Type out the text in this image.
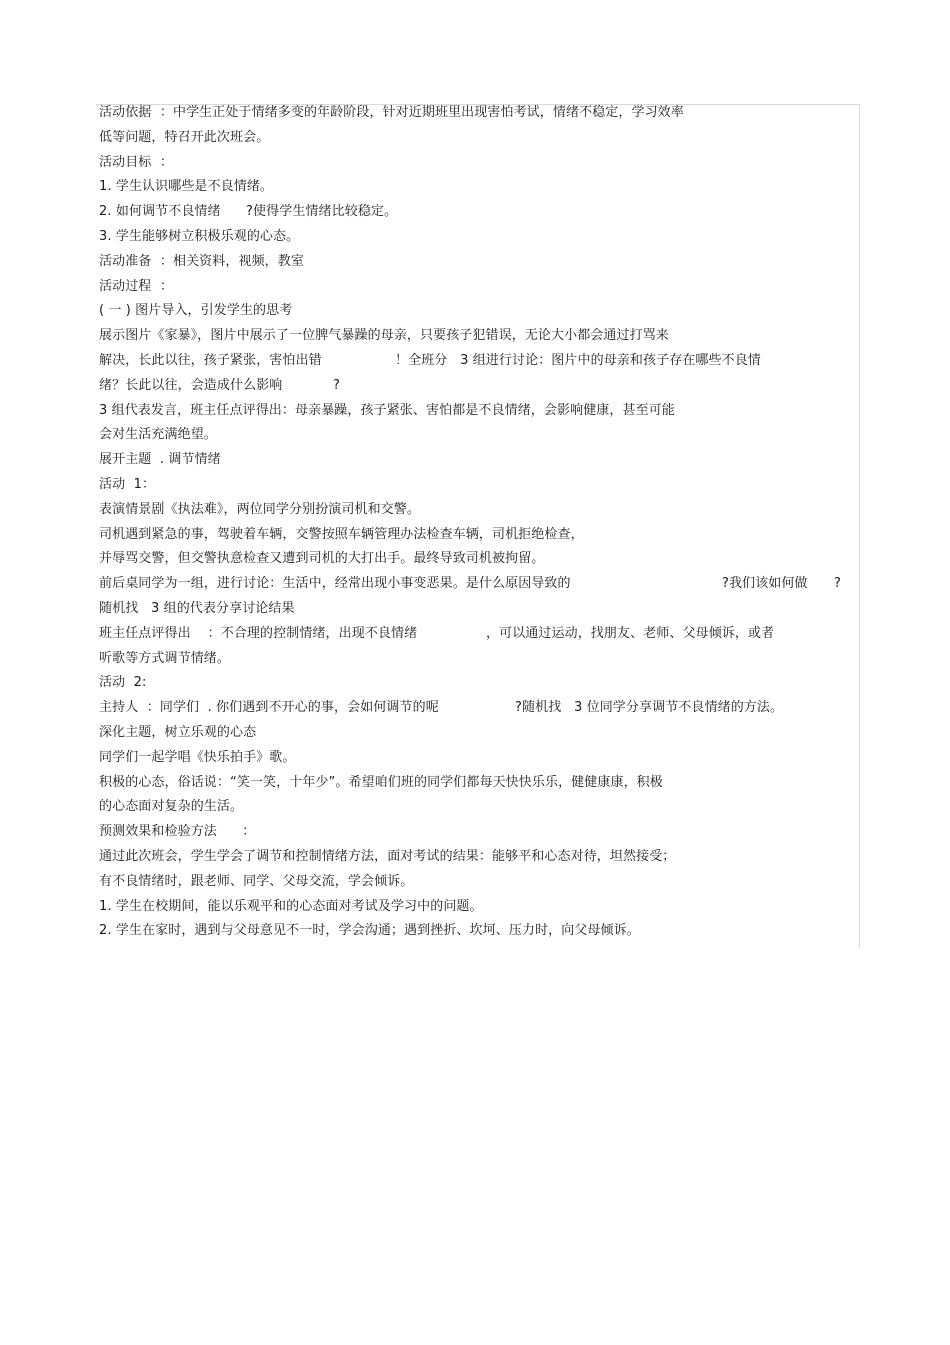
活动依据  ：中学生正处于情绪多变的年龄阶段，针对近期班里出现害怕考试，情绪不稳定，学习效率
低等问题，特召开此次班会。
活动目标  ：
1. 学生认识哪些是不良情绪。
2. 如何调节不良情绪      ?使得学生情绪比较稳定。
3. 学生能够树立积极乐观的心态。
活动准备  ：相关资料，视频，教室
活动过程  ：
( 一 ) 图片导入，引发学生的思考
展示图片《家暴》，图片中展示了一位脾气暴躁的母亲，只要孩子犯错误，无论大小都会通过打骂来
解决，长此以往，孩子紧张，害怕出错	！全班分   3 组进行讨论：图片中的母亲和孩子存在哪些不良情
绪？长此以往，会造成什么影响	?
3 组代表发言，班主任点评得出：母亲暴躁，孩子紧张、害怕都是不良情绪，会影响健康，甚至可能
会对生活充满绝望。
展开主题  . 调节情绪
活动  1：
表演情景剧《执法难》，两位同学分别扮演司机和交警。
司机遇到紧急的事，驾驶着车辆，交警按照车辆管理办法检查车辆，司机拒绝检查，
并辱骂交警，但交警执意检查又遭到司机的大打出手。最终导致司机被拘留。
前后桌同学为一组，进行讨论：生活中，经常出现小事变恶果。是什么原因导致的	?我们该如何做 ?
随机找   3 组的代表分享讨论结果
班主任点评得出    ：不合理的控制情绪，出现不良情绪	，可以通过运动，找朋友、老师、父母倾诉，或者
听歌等方式调节情绪。
活动  2:
主持人  ：同学们  . 你们遇到不开心的事，会如何调节的呢	?随机找   3 位同学分享调节不良情绪的方法。
深化主题，树立乐观的心态
同学们一起学唱《快乐拍手》歌。
积极的心态，俗话说：“笑一笑，十年少”。希望咱们班的同学们都每天快快乐乐，健健康康，积极
的心态面对复杂的生活。
预测效果和检验方法      ：
通过此次班会，学生学会了调节和控制情绪方法，面对考试的结果：能够平和心态对待，坦然接受；
有不良情绪时，跟老师、同学、父母交流，学会倾诉。
1. 学生在校期间，能以乐观平和的心态面对考试及学习中的问题。
2. 学生在家时，遇到与父母意见不一时，学会沟通；遇到挫折、坎坷、压力时，向父母倾诉。
